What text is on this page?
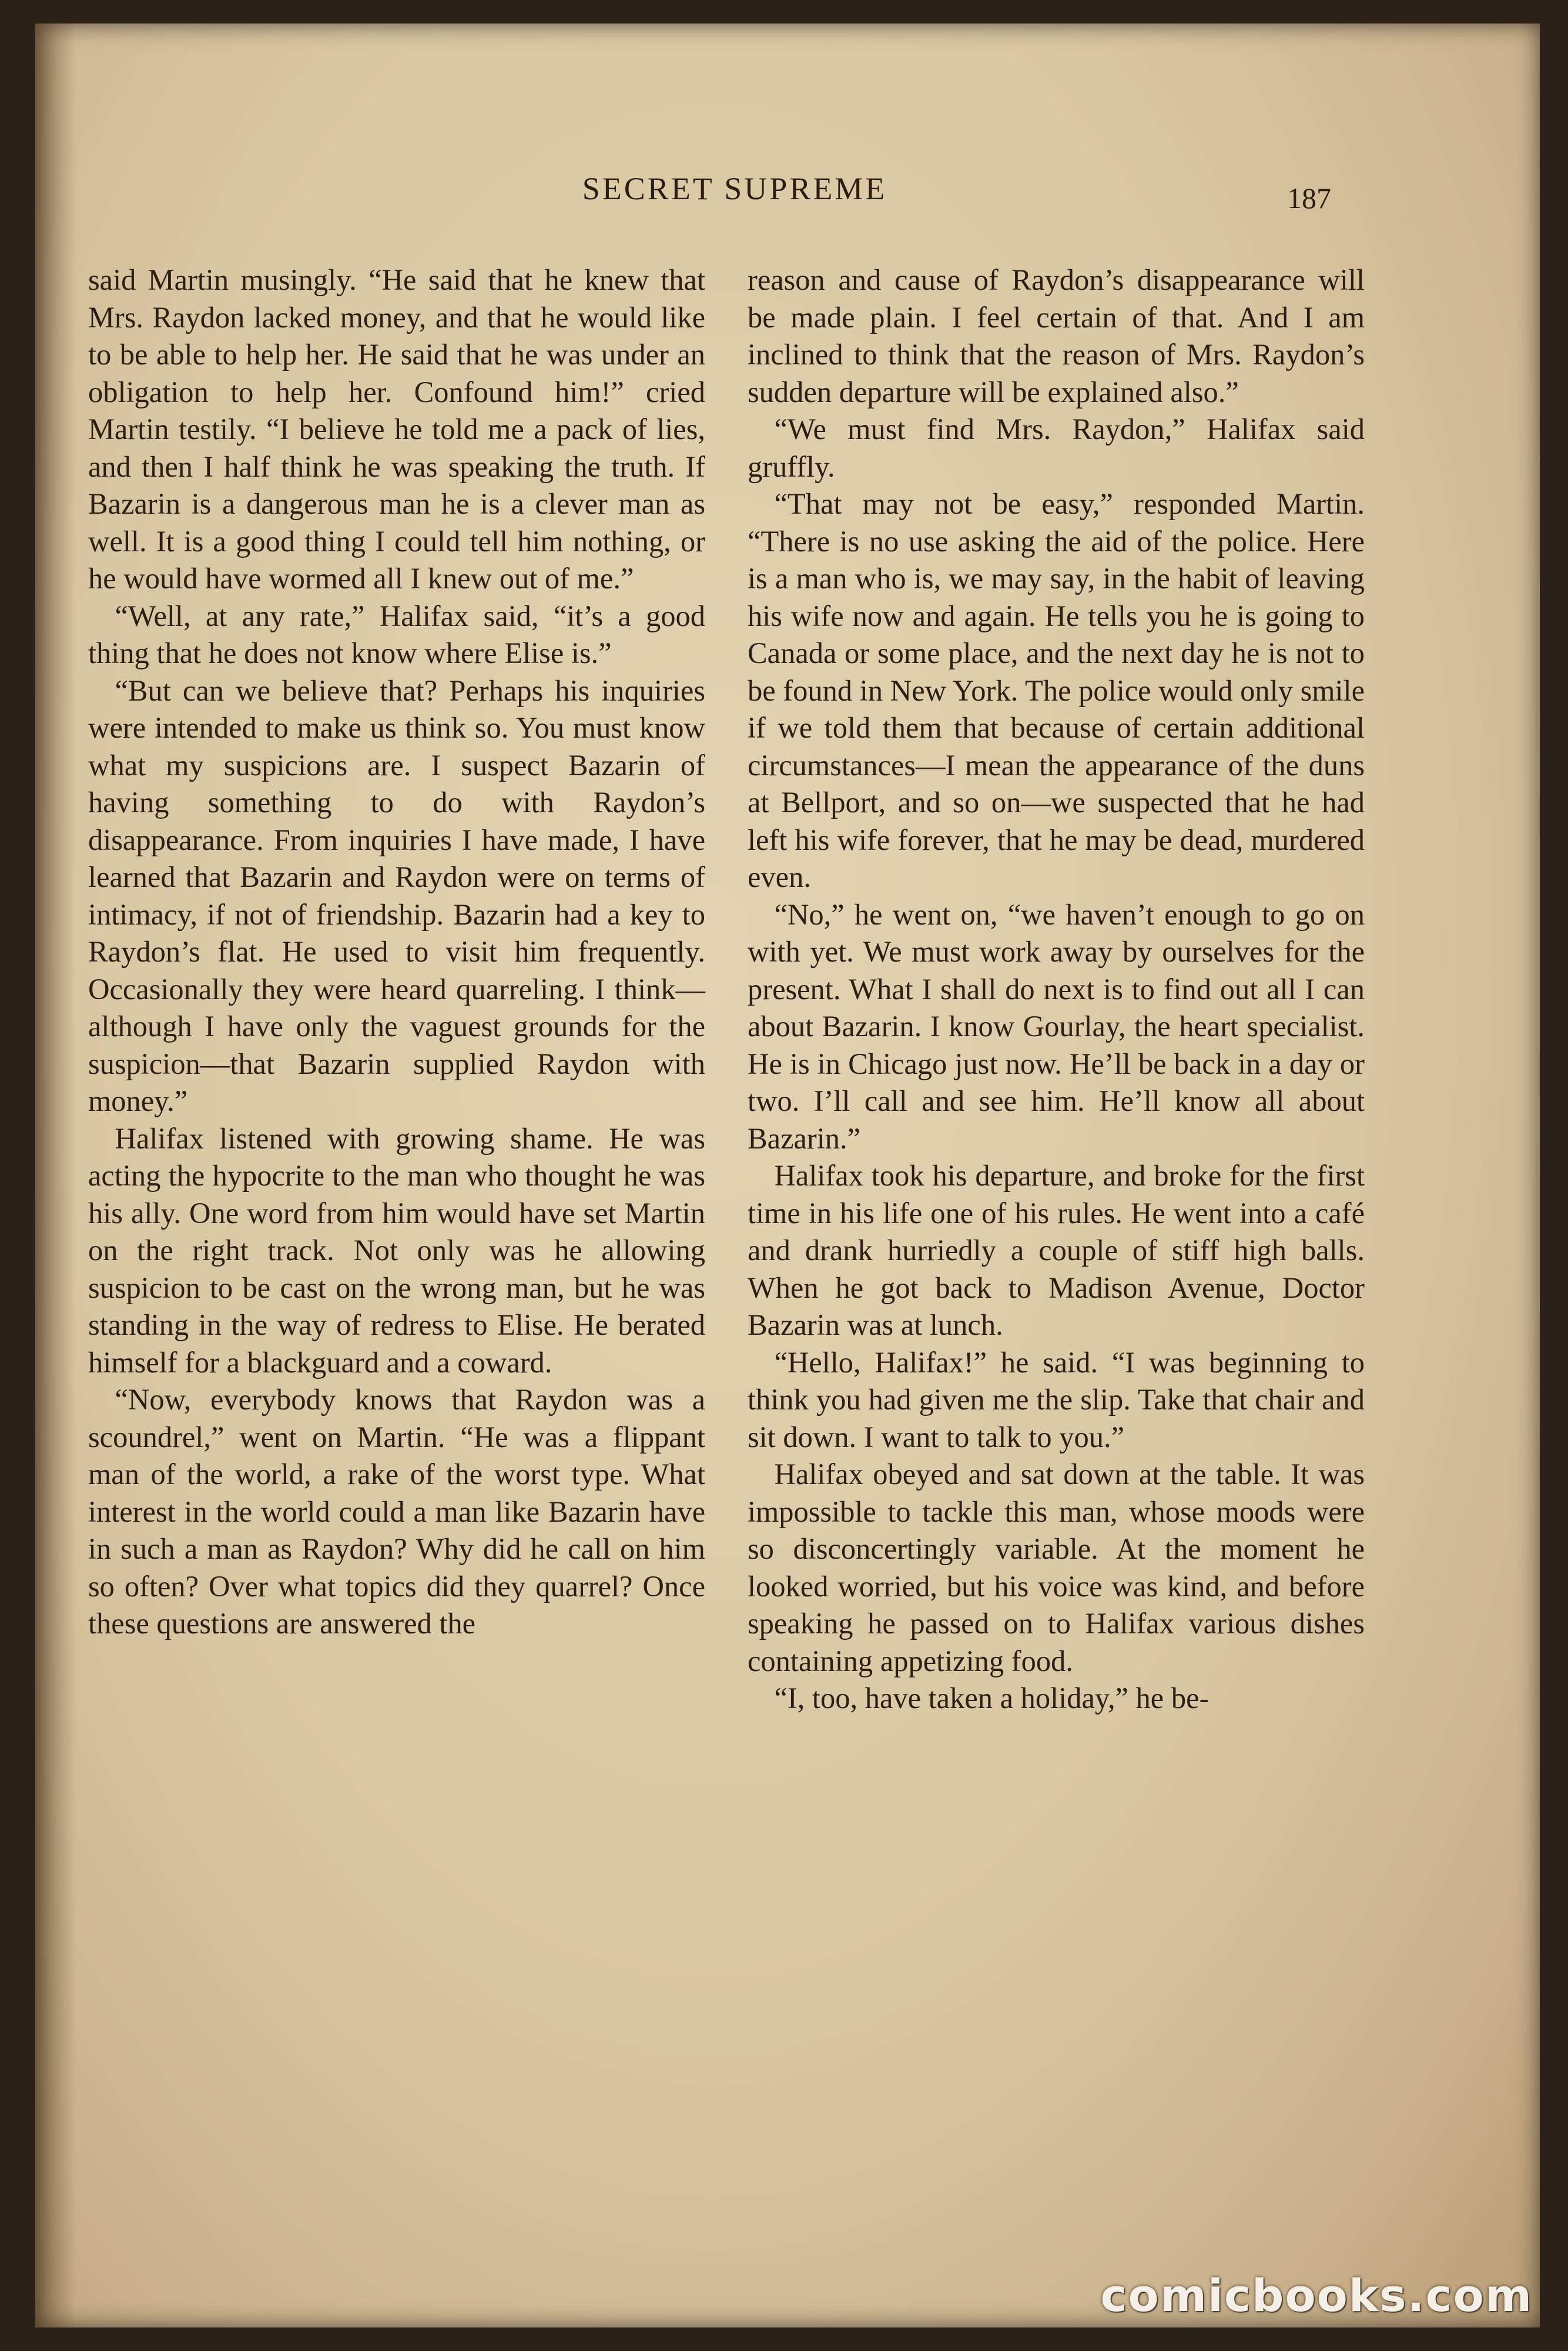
SECRET SUPREME	187

said Martin musingly. “He said that he knew that Mrs. Raydon lacked money, and that he would like to be able to help her. He said that he was under an obligation to help her. Confound him!” cried Martin testily. “I believe he told me a pack of lies, and then I half think he was speaking the truth. If Bazarin is a dangerous man he is a clever man as well. It is a good thing I could tell him nothing, or he would have wormed all I knew out of me.”

“Well, at any rate,” Halifax said, “it’s a good thing that he does not know where Elise is.”

“But can we believe that? Perhaps his inquiries were intended to make us think so. You must know what my suspicions are. I suspect Bazarin of having something to do with Raydon’s disappearance. From inquiries I have made, I have learned that Bazarin and Raydon were on terms of intimacy, if not of friendship. Bazarin had a key to Raydon’s flat. He used to visit him frequently. Occasionally they were heard quarreling. I think—although I have only the vaguest grounds for the suspicion—that Bazarin supplied Raydon with money.”

Halifax listened with growing shame. He was acting the hypocrite to the man who thought he was his ally. One word from him would have set Martin on the right track. Not only was he allowing suspicion to be cast on the wrong man, but he was standing in the way of redress to Elise. He berated himself for a blackguard and a coward.

“Now, everybody knows that Raydon was a scoundrel,” went on Martin. “He was a flippant man of the world, a rake of the worst type. What interest in the world could a man like Bazarin have in such a man as Raydon? Why did he call on him so often? Over what topics did they quarrel? Once these questions are answered the

reason and cause of Raydon’s disappearance will be made plain. I feel certain of that. And I am inclined to think that the reason of Mrs. Raydon’s sudden departure will be explained also.”

“We must find Mrs. Raydon,” Halifax said gruffly.

“That may not be easy,” responded Martin. “There is no use asking the aid of the police. Here is a man who is, we may say, in the habit of leaving his wife now and again. He tells you he is going to Canada or some place, and the next day he is not to be found in New York. The police would only smile if we told them that because of certain additional circumstances—I mean the appearance of the duns at Bellport, and so on—we suspected that he had left his wife forever, that he may be dead, murdered even.

“No,” he went on, “we haven’t enough to go on with yet. We must work away by ourselves for the present. What I shall do next is to find out all I can about Bazarin. I know Gourlay, the heart specialist. He is in Chicago just now. He’ll be back in a day or two. I’ll call and see him. He’ll know all about Bazarin.”

Halifax took his departure, and broke for the first time in his life one of his rules. He went into a café and drank hurriedly a couple of stiff high balls. When he got back to Madison Avenue, Doctor Bazarin was at lunch.

“Hello, Halifax!” he said. “I was beginning to think you had given me the slip. Take that chair and sit down. I want to talk to you.”

Halifax obeyed and sat down at the table. It was impossible to tackle this man, whose moods were so disconcertingly variable. At the moment he looked worried, but his voice was kind, and before speaking he passed on to Halifax various dishes containing appetizing food.

“I, too, have taken a holiday,” he be-

comicbooks.com
